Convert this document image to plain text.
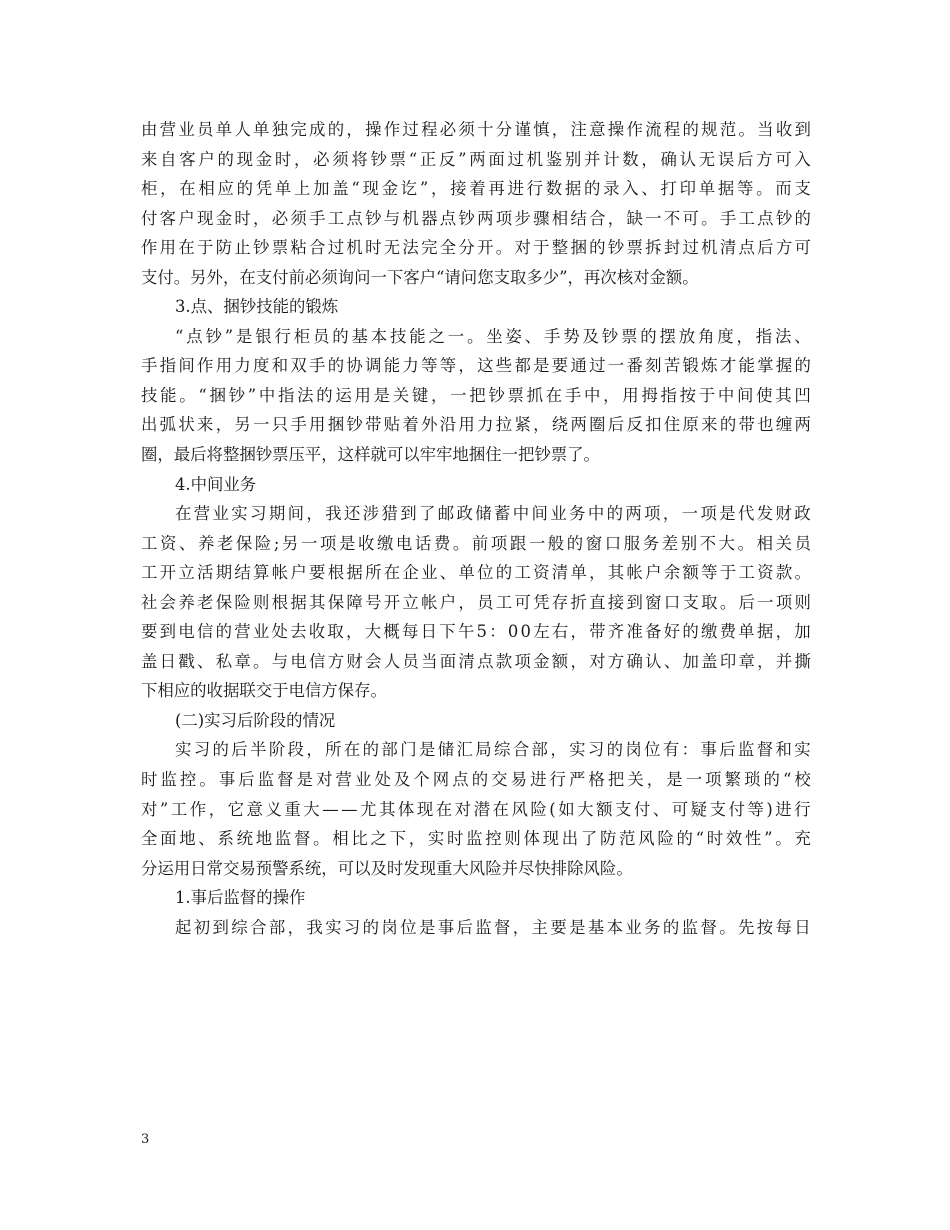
由 营 业 员 单 人 单 独 完 成 的 ， 操 作 过 程 必 须 十 分 谨 慎 ， 注 意 操 作 流 程 的 规 范 。 当 收 到
来 自 客 户 的 现 金 时 ， 必 须 将 钞 票 “ 正 反 ” 两 面 过 机 鉴 别 并 计 数 ， 确 认 无 误 后 方 可 入
柜 ， 在 相 应 的 凭 单 上 加 盖 “ 现 金 讫 ” ， 接 着 再 进 行 数 据 的 录 入 、 打 印 单 据 等 。 而 支
付 客 户 现 金 时 ， 必 须 手 工 点 钞 与 机 器 点 钞 两 项 步 骤 相 结 合 ， 缺 一 不 可 。 手 工 点 钞 的
作 用 在 于 防 止 钞 票 粘 合 过 机 时 无 法 完 全 分 开 。 对 于 整 捆 的 钞 票 拆 封 过 机 清 点 后 方 可
支付。另外，在支付前必须询问一下客户“请问您支取多少”，再次核对金额。
3.点、捆钞技能的锻炼
“ 点 钞 ” 是 银 行 柜 员 的 基 本 技 能 之 一 。 坐 姿 、 手 势 及 钞 票 的 摆 放 角 度 ， 指 法 、
手 指 间 作 用 力 度 和 双 手 的 协 调 能 力 等 等 ， 这 些 都 是 要 通 过 一 番 刻 苦 锻 炼 才 能 掌 握 的
技 能 。 “ 捆 钞 ” 中 指 法 的 运 用 是 关 键 ， 一 把 钞 票 抓 在 手 中 ， 用 拇 指 按 于 中 间 使 其 凹
出 弧 状 来 ， 另 一 只 手 用 捆 钞 带 贴 着 外 沿 用 力 拉 紧 ， 绕 两 圈 后 反 扣 住 原 来 的 带 也 缠 两
圈，最后将整捆钞票压平，这样就可以牢牢地捆住一把钞票了。
4.中间业务
在 营 业 实 习 期 间 ， 我 还 涉 猎 到 了 邮 政 储 蓄 中 间 业 务 中 的 两 项 ， 一 项 是 代 发 财 政
工 资 、 养 老 保 险 ; 另 一 项 是 收 缴 电 话 费 。 前 项 跟 一 般 的 窗 口 服 务 差 别 不 大 。 相 关 员
工 开 立 活 期 结 算 帐 户 要 根 据 所 在 企 业 、 单 位 的 工 资 清 单 ， 其 帐 户 余 额 等 于 工 资 款 。
社 会 养 老 保 险 则 根 据 其 保 障 号 开 立 帐 户 ， 员 工 可 凭 存 折 直 接 到 窗 口 支 取 。 后 一 项 则
要 到 电 信 的 营 业 处 去 收 取 ， 大 概 每 日 下 午 5 ： 0 0 左 右 ， 带 齐 准 备 好 的 缴 费 单 据 ， 加
盖 日 戳 、 私 章 。 与 电 信 方 财 会 人 员 当 面 清 点 款 项 金 额 ， 对 方 确 认 、 加 盖 印 章 ， 并 撕
下相应的收据联交于电信方保存。
(二)实习后阶段的情况
实 习 的 后 半 阶 段 ， 所 在 的 部 门 是 储 汇 局 综 合 部 ， 实 习 的 岗 位 有 ： 事 后 监 督 和 实
时 监 控 。 事 后 监 督 是 对 营 业 处 及 个 网 点 的 交 易 进 行 严 格 把 关 ， 是 一 项 繁 琐 的 “ 校
对 ” 工 作 ， 它 意 义 重 大 — — 尤 其 体 现 在 对 潜 在 风 险 ( 如 大 额 支 付 、 可 疑 支 付 等 ) 进 行
全 面 地 、 系 统 地 监 督 。 相 比 之 下 ， 实 时 监 控 则 体 现 出 了 防 范 风 险 的 “ 时 效 性 ” 。 充
分运用日常交易预警系统，可以及时发现重大风险并尽快排除风险。
1.事后监督的操作
起 初 到 综 合 部 ， 我 实 习 的 岗 位 是 事 后 监 督 ， 主 要 是 基 本 业 务 的 监 督 。 先 按 每 日
3
